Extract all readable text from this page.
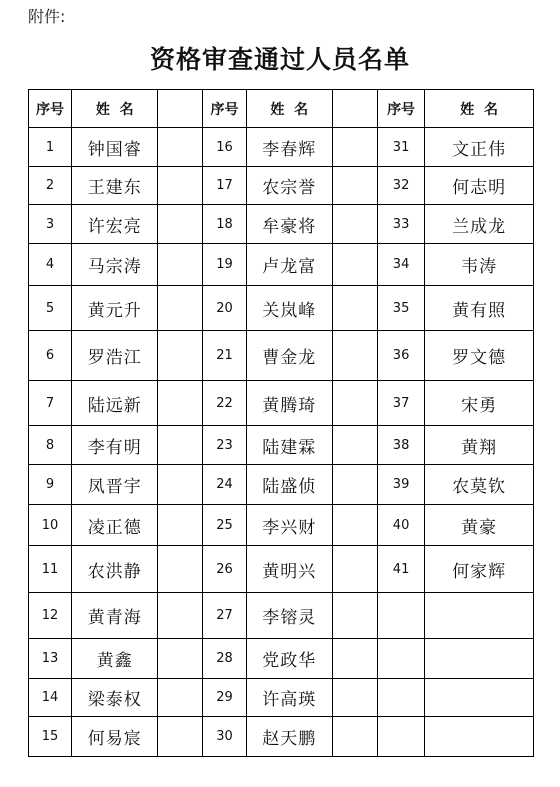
附件:
资格审查通过人员名单
序号	姓  名		序号	姓  名		序号	姓  名
1	钟国睿		16	李春辉		31	文正伟
2	王建东		17	农宗誉		32	何志明
3	许宏亮		18	牟豪将		33	兰成龙
4	马宗涛		19	卢龙富		34	韦涛
5	黄元升		20	关岚峰		35	黄有照
6	罗浩江		21	曹金龙		36	罗文德
7	陆远新		22	黄腾琦		37	宋勇
8	李有明		23	陆建霖		38	黄翔
9	凤晋宇		24	陆盛侦		39	农莫钦
10	凌正德		25	李兴财		40	黄豪
11	农洪静		26	黄明兴		41	何家辉
12	黄青海		27	李镕灵			
13	黄鑫		28	党政华			
14	梁泰权		29	许高瑛			
15	何易宸		30	赵天鹏			
